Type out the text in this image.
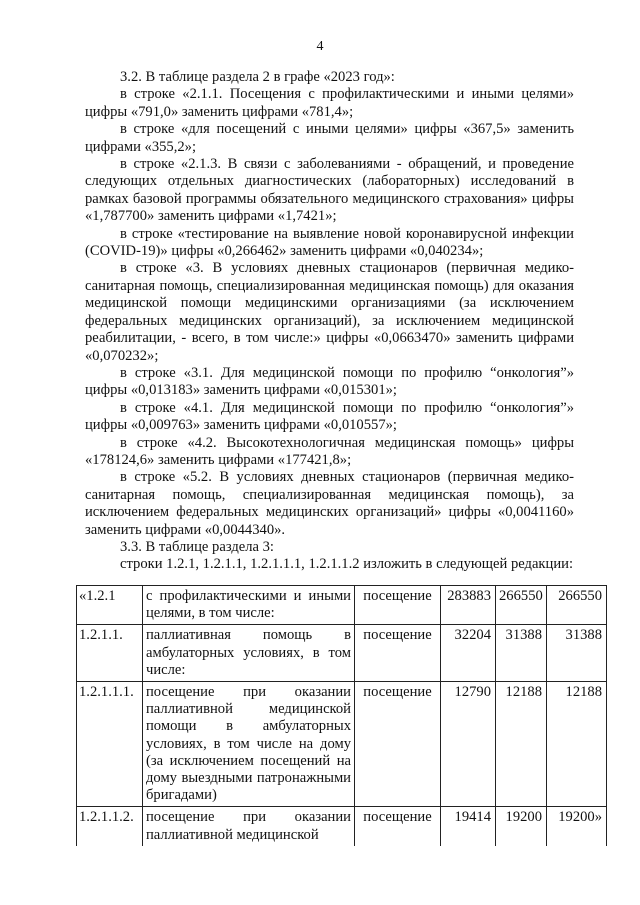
4

3.2. В таблице раздела 2 в графе «2023 год»:

в строке «2.1.1. Посещения с профилактическими и иными целями» цифры «791,0» заменить цифрами «781,4»;

в строке «для посещений с иными целями» цифры «367,5» заменить цифрами «355,2»;

в строке «2.1.3. В связи с заболеваниями - обращений, и проведение следующих отдельных диагностических (лабораторных) исследований в рамках базовой программы обязательного медицинского страхования» цифры «1,787700» заменить цифрами «1,7421»;

в строке «тестирование на выявление новой коронавирусной инфекции (COVID-19)» цифры «0,266462» заменить цифрами «0,040234»;

в строке «3. В условиях дневных стационаров (первичная медико-санитарная помощь, специализированная медицинская помощь) для оказания медицинской помощи медицинскими организациями (за исключением федеральных медицинских организаций), за исключением медицинской реабилитации, - всего, в том числе:» цифры «0,0663470» заменить цифрами «0,070232»;

в строке «3.1. Для медицинской помощи по профилю “онкология”» цифры «0,013183» заменить цифрами «0,015301»;

в строке «4.1. Для медицинской помощи по профилю “онкология”» цифры «0,009763» заменить цифрами «0,010557»;

в строке «4.2. Высокотехнологичная медицинская помощь» цифры «178124,6» заменить цифрами «177421,8»;

в строке «5.2. В условиях дневных стационаров (первичная медико-санитарная помощь, специализированная медицинская помощь), за исключением федеральных медицинских организаций» цифры «0,0041160» заменить цифрами «0,0044340».

3.3. В таблице раздела 3:

строки 1.2.1, 1.2.1.1, 1.2.1.1.1, 1.2.1.1.2 изложить в следующей редакции:

«1.2.1	с профилактическими и иными целями, в том числе:	посещение	283883	266550	266550
1.2.1.1.	паллиативная помощь в амбулаторных условиях, в том числе:	посещение	32204	31388	31388
1.2.1.1.1.	посещение при оказании паллиативной медицинской помощи в амбулаторных условиях, в том числе на дому (за исключением посещений на дому выездными патронажными бригадами)	посещение	12790	12188	12188
1.2.1.1.2.	посещение при оказании паллиативной медицинской	посещение	19414	19200	19200»
